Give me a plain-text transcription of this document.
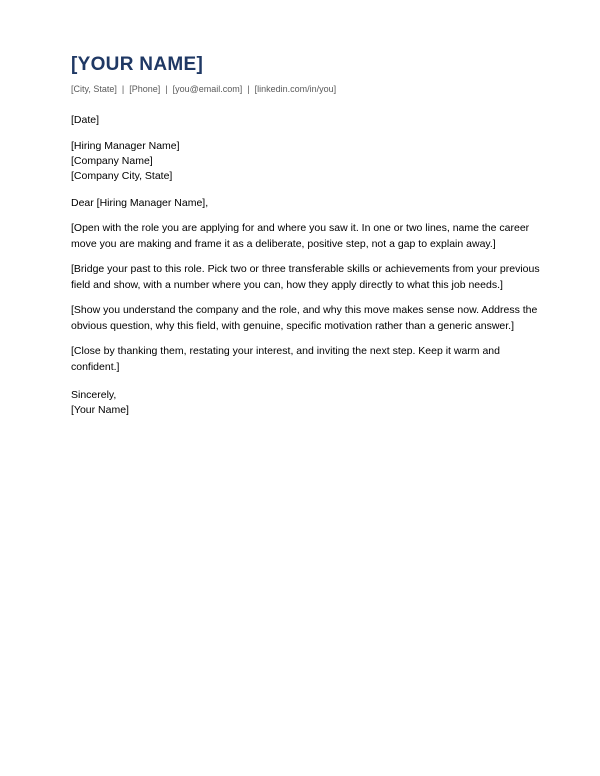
[YOUR NAME]
[City, State] | [Phone] | [you@email.com] | [linkedin.com/in/you]
[Date]
[Hiring Manager Name]
[Company Name]
[Company City, State]
Dear [Hiring Manager Name],
[Open with the role you are applying for and where you saw it. In one or two lines, name the career move you are making and frame it as a deliberate, positive step, not a gap to explain away.]
[Bridge your past to this role. Pick two or three transferable skills or achievements from your previous field and show, with a number where you can, how they apply directly to what this job needs.]
[Show you understand the company and the role, and why this move makes sense now. Address the obvious question, why this field, with genuine, specific motivation rather than a generic answer.]
[Close by thanking them, restating your interest, and inviting the next step. Keep it warm and confident.]
Sincerely,
[Your Name]
